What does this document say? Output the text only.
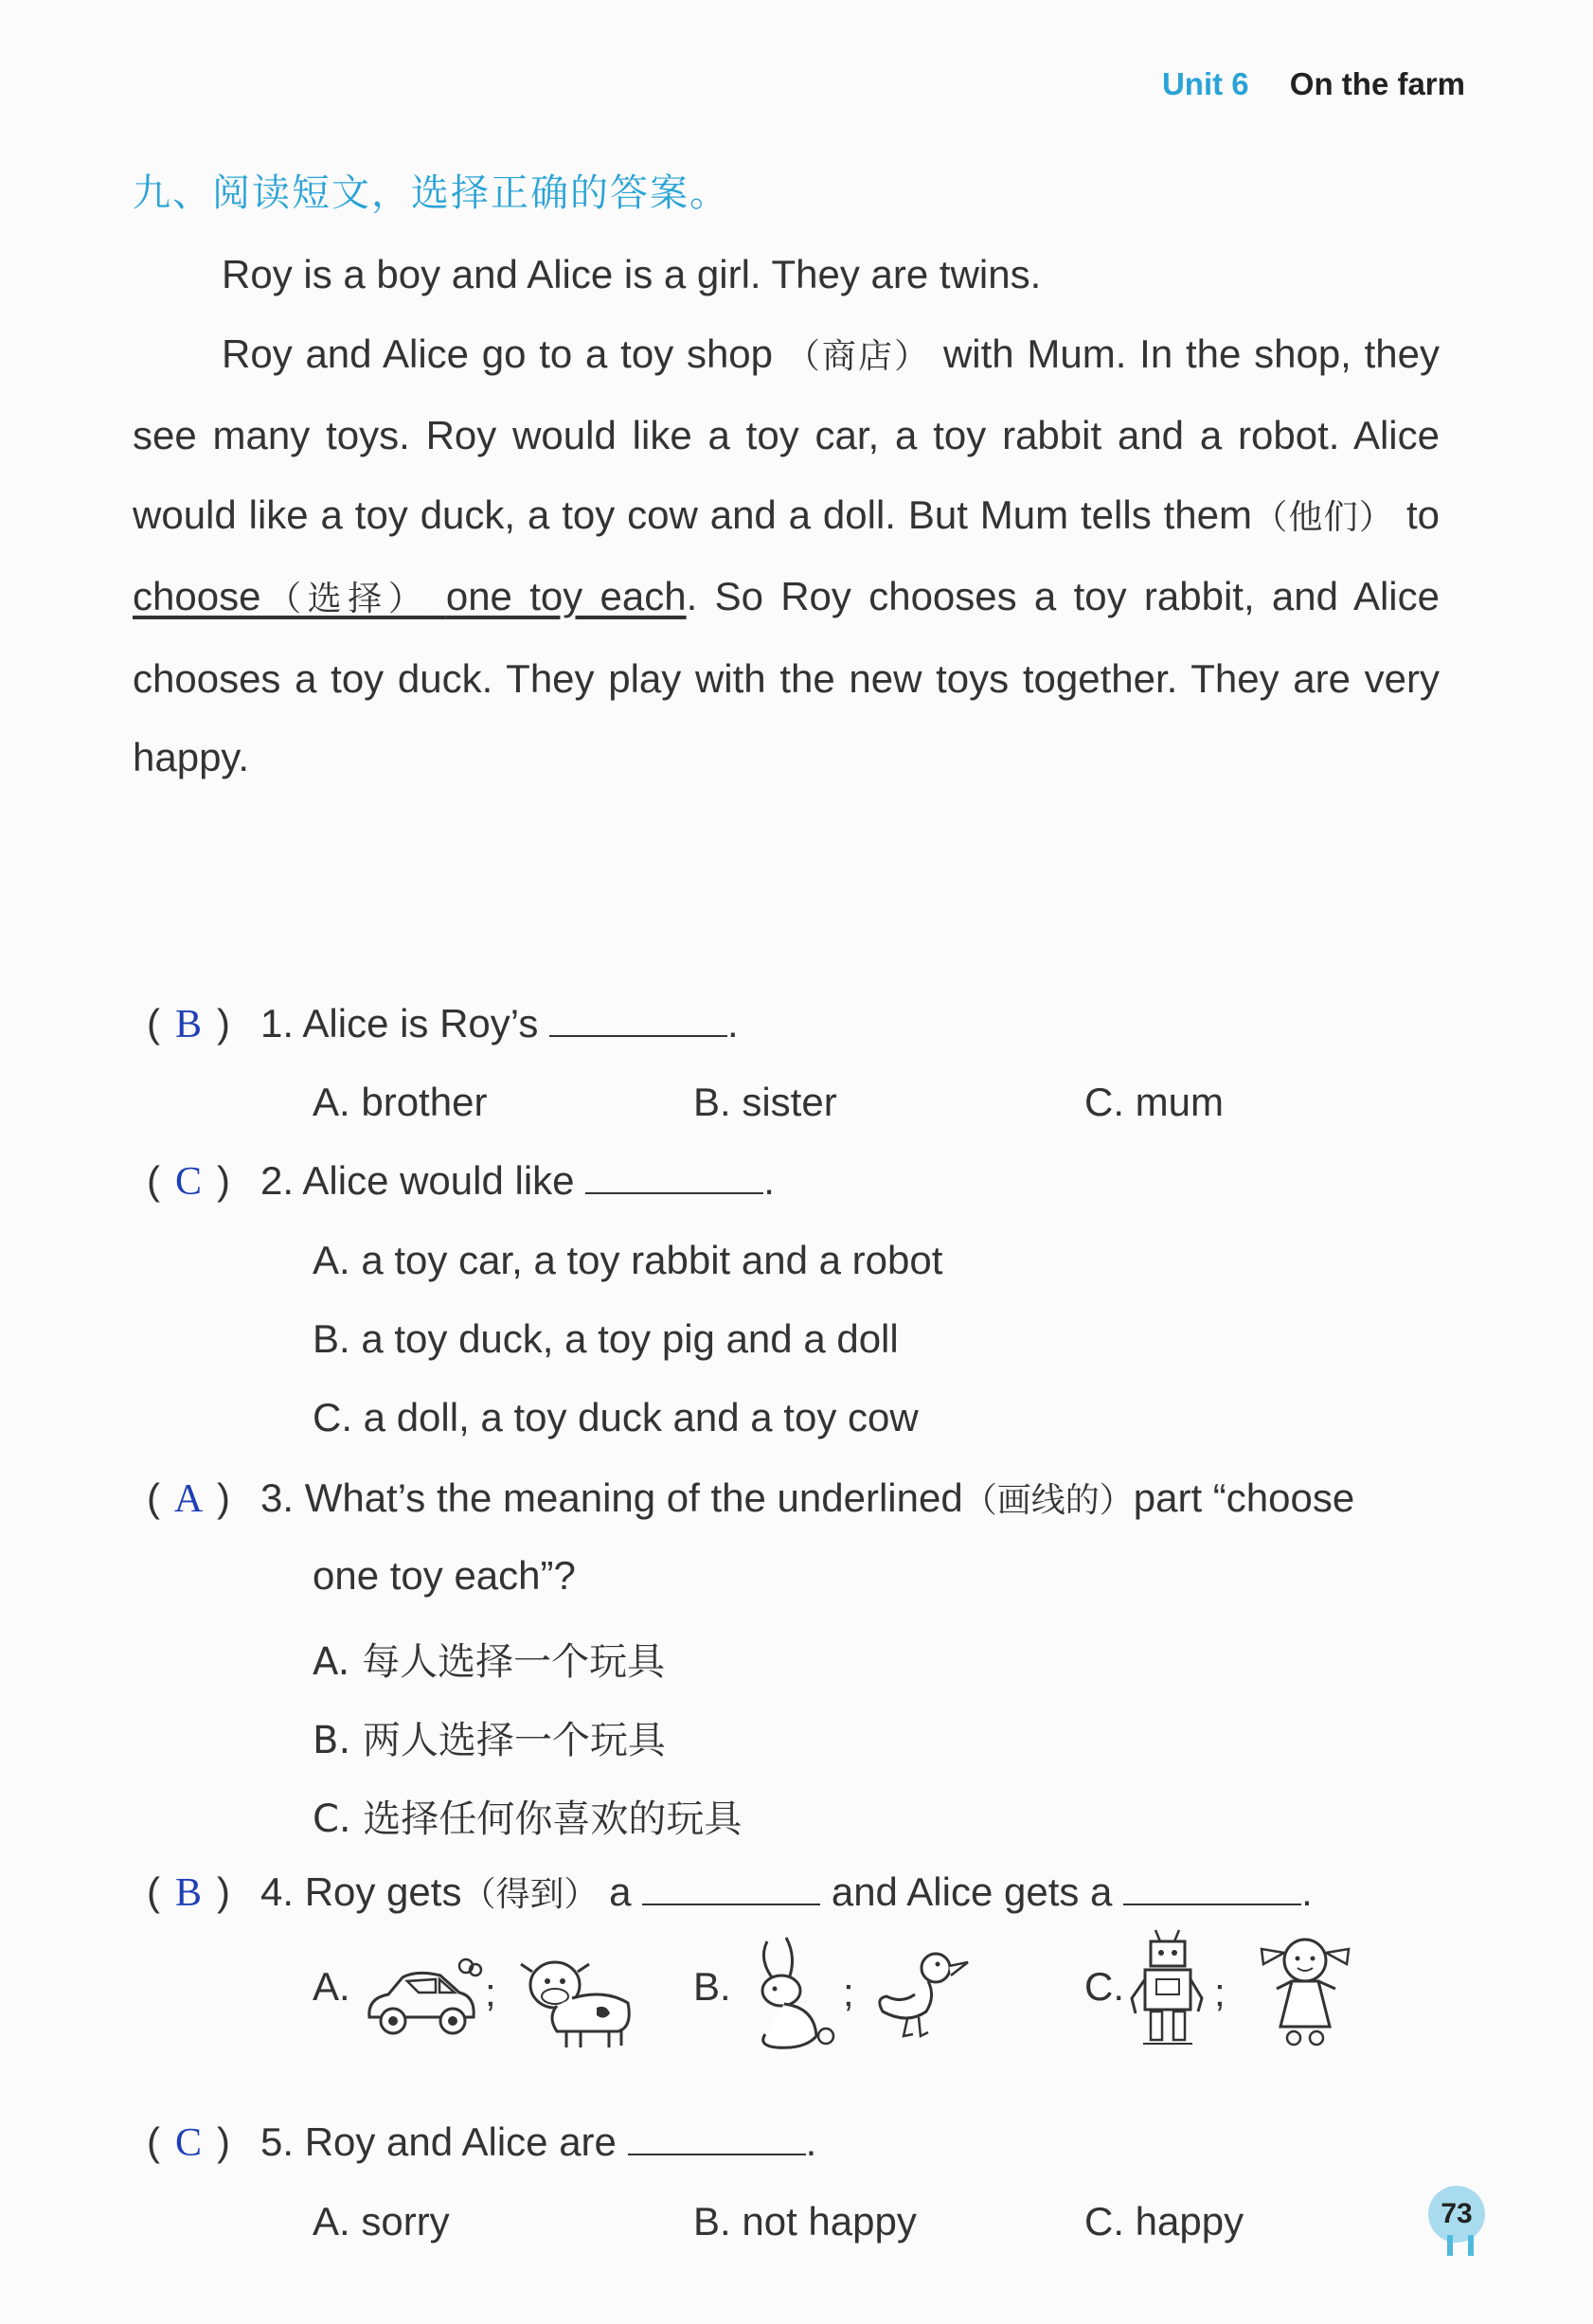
Unit 6 On the farm
九、阅读短文，选择正确的答案。

Roy is a boy and Alice is a girl. They are twins.

Roy and Alice go to a toy shop （商店） with Mum. In the shop, they see many toys. Roy would like a toy car, a toy rabbit and a robot. Alice would like a toy duck, a toy cow and a doll. But Mum tells them（他们） to choose（选择） one toy each. So Roy chooses a toy rabbit, and Alice chooses a toy duck. They play with the new toys together. They are very happy.

( B ) 1. Alice is Roy’s	.
A. brother	B. sister	C. mum
( C ) 2. Alice would like	.
A. a toy car, a toy rabbit and a robot
B. a toy duck, a toy pig and a doll
C. a doll, a toy duck and a toy cow
( A ) 3. What’s the meaning of the underlined（画线的）part “choose
one toy each”?
A. 每人选择一个玩具
B. 两人选择一个玩具
C. 选择任何你喜欢的玩具
( B ) 4. Roy gets（得到） a	and Alice gets a	.
A.	B.	C.
;	;	;
( C ) 5. Roy and Alice are	.
A. sorry	B. not happy	C. happy	73
